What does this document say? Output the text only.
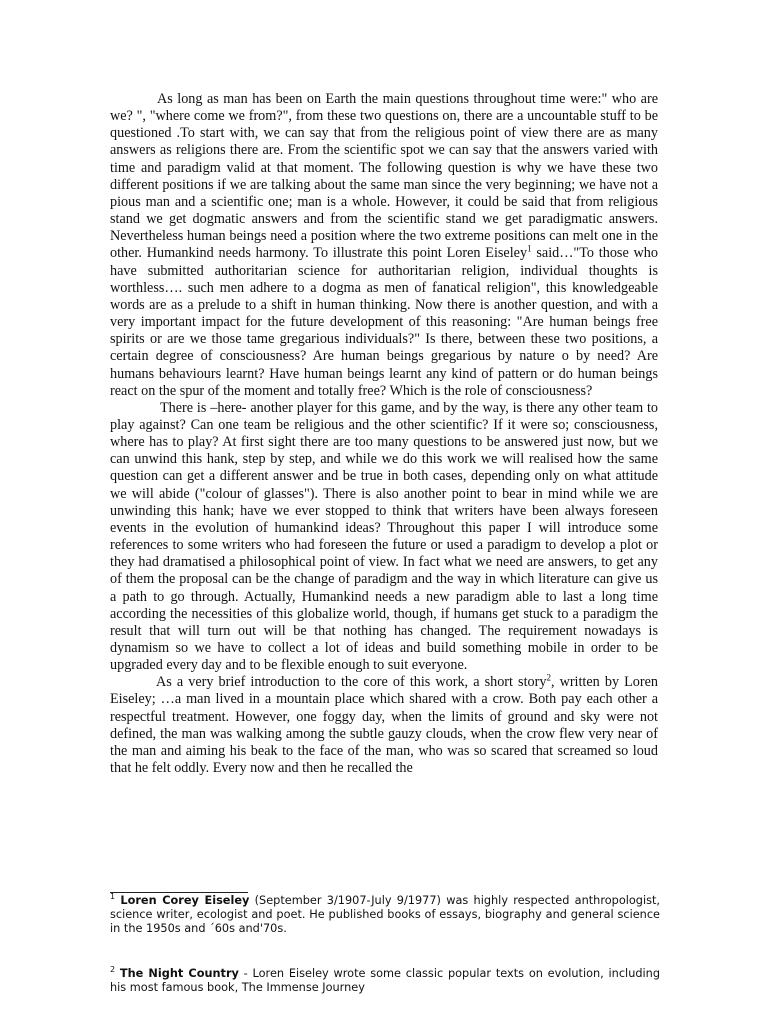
As long as man has been on Earth the main questions throughout time were:" who are we? ", "where come we from?", from these two questions on, there are a uncountable stuff to be questioned .To start with, we can say that from the religious point of view there are as many answers as religions there are. From the scientific spot we can say that the answers varied with time and paradigm valid at that moment. The following question is why we have these two different positions if we are talking about the same man since the very beginning; we have not a pious man and a scientific one; man is a whole. However, it could be said that from religious stand we get dogmatic answers and from the scientific stand we get paradigmatic answers. Nevertheless human beings need a position where the two extreme positions can melt one in the other. Humankind needs harmony. To illustrate this point Loren Eiseley$^1$ said…"To those who have submitted authoritarian science for authoritarian religion, individual thoughts is worthless…. such men adhere to a dogma as men of fanatical religion", this knowledgeable words are as a prelude to a shift in human thinking. Now there is another question, and with a very important impact for the future development of this reasoning: "Are human beings free spirits or are we those tame gregarious individuals?" Is there, between these two positions, a certain degree of consciousness? Are human beings gregarious by nature o by need? Are humans behaviours learnt? Have human beings learnt any kind of pattern or do human beings react on the spur of the moment and totally free? Which is the role of consciousness?

There is –here- another player for this game, and by the way, is there any other team to play against? Can one team be religious and the other scientific? If it were so; consciousness, where has to play? At first sight there are too many questions to be answered just now, but we can unwind this hank, step by step, and while we do this work we will realised how the same question can get a different answer and be true in both cases, depending only on what attitude we will abide ("colour of glasses"). There is also another point to bear in mind while we are unwinding this hank; have we ever stopped to think that writers have been always foreseen events in the evolution of humankind ideas? Throughout this paper I will introduce some references to some writers who had foreseen the future or used a paradigm to develop a plot or they had dramatised a philosophical point of view. In fact what we need are answers, to get any of them the proposal can be the change of paradigm and the way in which literature can give us a path to go through. Actually, Humankind needs a new paradigm able to last a long time according the necessities of this globalize world, though, if humans get stuck to a paradigm the result that will turn out will be that nothing has changed. The requirement nowadays is dynamism so we have to collect a lot of ideas and build something mobile in order to be upgraded every day and to be flexible enough to suit everyone.

As a very brief introduction to the core of this work, a short story$^2$, written by Loren Eiseley; …a man lived in a mountain place which shared with a crow. Both pay each other a respectful treatment. However, one foggy day, when the limits of ground and sky were not defined, the man was walking among the subtle gauzy clouds, when the crow flew very near of the man and aiming his beak to the face of the man, who was so scared that screamed so loud that he felt oddly. Every now and then he recalled the

$^1$ Loren Corey Eiseley (September 3/1907-July 9/1977) was highly respected anthropologist, science writer, ecologist and poet. He published books of essays, biography and general science in the 1950s and ´60s and'70s.
$^2$ The Night Country - Loren Eiseley wrote some classic popular texts on evolution, including his most famous book, The Immense Journey
